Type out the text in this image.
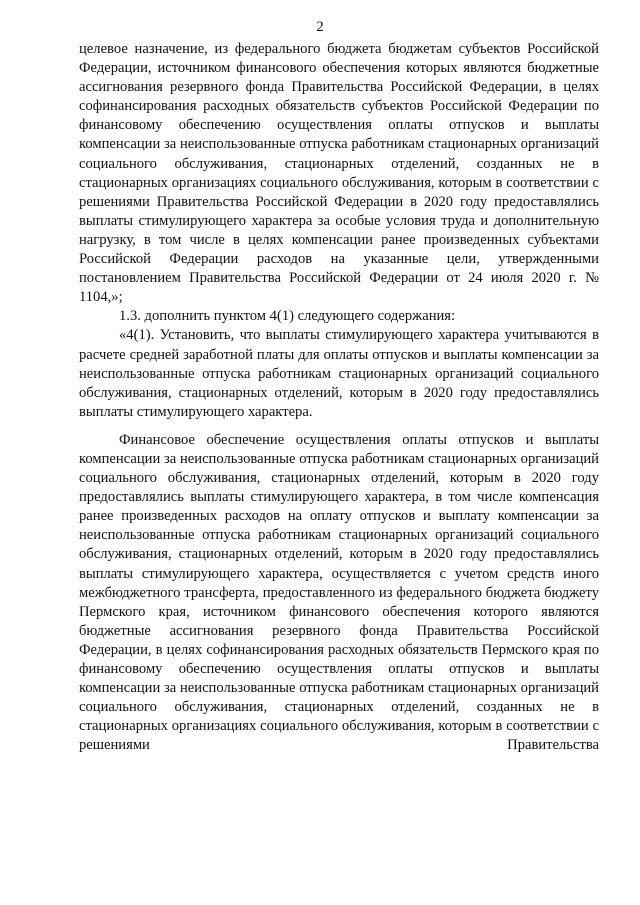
2

целевое назначение, из федерального бюджета бюджетам субъектов Российской Федерации, источником финансового обеспечения которых являются бюджетные ассигнования резервного фонда Правительства Российской Федерации, в целях софинансирования расходных обязательств субъектов Российской Федерации по финансовому обеспечению осуществления оплаты отпусков и выплаты компенсации за неиспользованные отпуска работникам стационарных организаций социального обслуживания, стационарных отделений, созданных не в стационарных организациях социального обслуживания, которым в соответствии с решениями Правительства Российской Федерации в 2020 году предоставлялись выплаты стимулирующего характера за особые условия труда и дополнительную нагрузку, в том числе в целях компенсации ранее произведенных субъектами Российской Федерации расходов на указанные цели, утвержденными постановлением Правительства Российской Федерации от 24 июля 2020 г. № 1104,»;

1.3. дополнить пунктом 4(1) следующего содержания:

«4(1). Установить, что выплаты стимулирующего характера учитываются в расчете средней заработной платы для оплаты отпусков и выплаты компенсации за неиспользованные отпуска работникам стационарных организаций социального обслуживания, стационарных отделений, которым в 2020 году предоставлялись выплаты стимулирующего характера.

Финансовое обеспечение осуществления оплаты отпусков и выплаты компенсации за неиспользованные отпуска работникам стационарных организаций социального обслуживания, стационарных отделений, которым в 2020 году предоставлялись выплаты стимулирующего характера, в том числе компенсация ранее произведенных расходов на оплату отпусков и выплату компенсации за неиспользованные отпуска работникам стационарных организаций социального обслуживания, стационарных отделений, которым в 2020 году предоставлялись выплаты стимулирующего характера, осуществляется с учетом средств иного межбюджетного трансферта, предоставленного из федерального бюджета бюджету Пермского края, источником финансового обеспечения которого являются бюджетные ассигнования резервного фонда Правительства Российской Федерации, в целях софинансирования расходных обязательств Пермского края по финансовому обеспечению осуществления оплаты отпусков и выплаты компенсации за неиспользованные отпуска работникам стационарных организаций социального обслуживания, стационарных отделений, созданных не в стационарных организациях социального обслуживания, которым в соответствии с решениями Правительства
